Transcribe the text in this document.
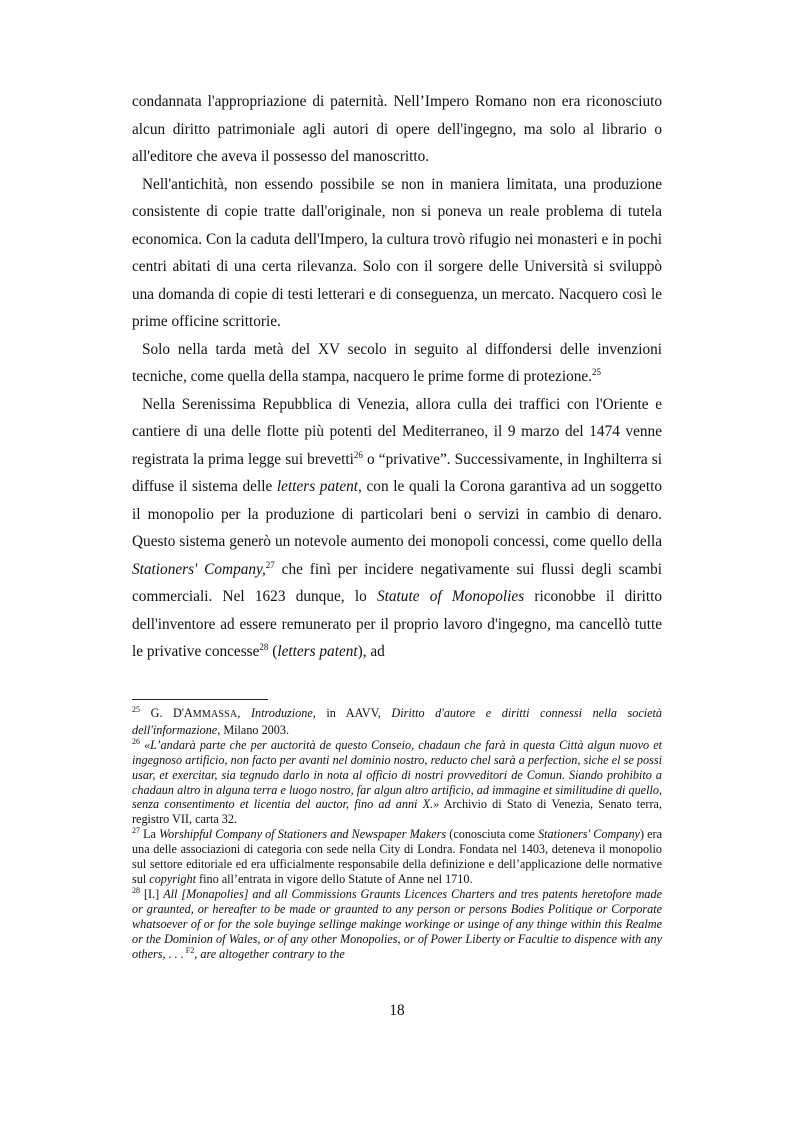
condannata l'appropriazione di paternità. Nell’Impero Romano non era riconosciuto alcun diritto patrimoniale agli autori di opere dell'ingegno, ma solo al librario o all'editore che aveva il possesso del manoscritto.

Nell'antichità, non essendo possibile se non in maniera limitata, una produzione consistente di copie tratte dall'originale, non si poneva un reale problema di tutela economica. Con la caduta dell'Impero, la cultura trovò rifugio nei monasteri e in pochi centri abitati di una certa rilevanza. Solo con il sorgere delle Università si sviluppò una domanda di copie di testi letterari e di conseguenza, un mercato. Nacquero così le prime officine scrittorie.

Solo nella tarda metà del XV secolo in seguito al diffondersi delle invenzioni tecniche, come quella della stampa, nacquero le prime forme di protezione.$^{25}$

Nella Serenissima Repubblica di Venezia, allora culla dei traffici con l'Oriente e cantiere di una delle flotte più potenti del Mediterraneo, il 9 marzo del 1474 venne registrata la prima legge sui brevetti$^{26}$ o “privative”. Successivamente, in Inghilterra si diffuse il sistema delle letters patent, con le quali la Corona garantiva ad un soggetto il monopolio per la produzione di particolari beni o servizi in cambio di denaro. Questo sistema generò un notevole aumento dei monopoli concessi, come quello della Stationers' Company,$^{27}$ che finì per incidere negativamente sui flussi degli scambi commerciali. Nel 1623 dunque, lo Statute of Monopolies riconobbe il diritto dell'inventore ad essere remunerato per il proprio lavoro d'ingegno, ma cancellò tutte le privative concesse$^{28}$ (letters patent), ad

$^{25}$ G. D'AMMASSA, Introduzione, in AAVV, Diritto d'autore e diritti connessi nella società dell'informazione, Milano 2003.

$^{26}$ «L’andarà parte che per auctorità de questo Conseio, chadaun che farà in questa Città algun nuovo et ingegnoso artificio, non facto per avanti nel dominio nostro, reducto chel sarà a perfection, siche el se possi usar, et exercitar, sia tegnudo darlo in nota al officio di nostri provveditori de Comun. Siando prohibito a chadaun altro in alguna terra e luogo nostro, far algun altro artificio, ad immagine et similitudine di quello, senza consentimento et licentia del auctor, fino ad anni X.» Archivio di Stato di Venezia, Senato terra, registro VII, carta 32.

$^{27}$ La Worshipful Company of Stationers and Newspaper Makers (conosciuta come Stationers' Company) era una delle associazioni di categoria con sede nella City di Londra. Fondata nel 1403, deteneva il monopolio sul settore editoriale ed era ufficialmente responsabile della definizione e dell’applicazione delle normative sul copyright fino all’entrata in vigore dello Statute of Anne nel 1710.

$^{28}$ [I.] All [Monapolies] and all Commissions Graunts Licences Charters and tres patents heretofore made or graunted, or hereafter to be made or graunted to any person or persons Bodies Politique or Corporate whatsoever of or for the sole buyinge sellinge makinge workinge or usinge of any thinge within this Realme or the Dominion of Wales, or of any other Monopolies, or of Power Liberty or Facultie to dispence with any others, . . . $^{F2}$, are altogether contrary to the

18
